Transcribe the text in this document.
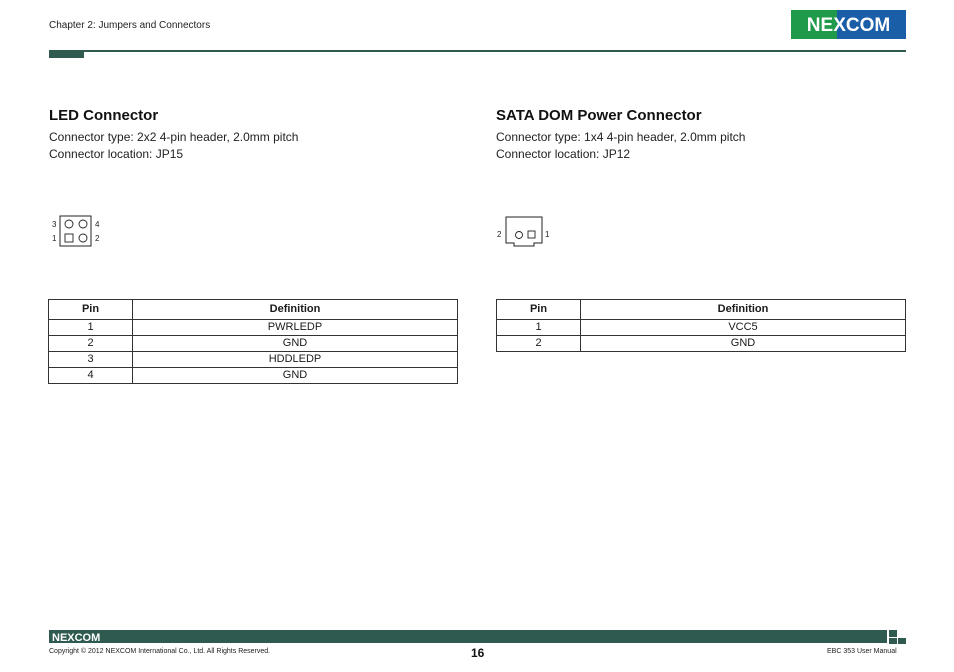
Chapter 2: Jumpers and Connectors	NEXCOM
LED Connector
Connector type: 2x2 4-pin header, 2.0mm pitch
Connector location: JP15
3	4
1	2
Pin	Definition
1	PWRLEDP
2	GND
3	HDDLEDP
4	GND
SATA DOM Power Connector
Connector type: 1x4 4-pin header, 2.0mm pitch
Connector location: JP12
2	1
Pin	Definition
1	VCC5
2	GND
NEXCOM
Copyright © 2012 NEXCOM International Co., Ltd. All Rights Reserved.	16	EBC 353 User Manual
